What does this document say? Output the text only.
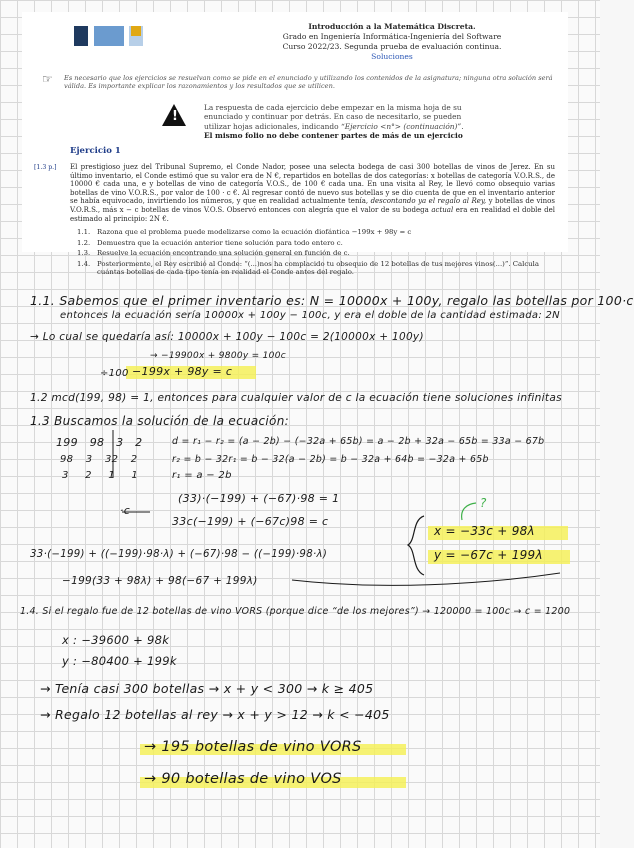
Introducción a la Matemática Discreta.
Grado en Ingeniería Informática-Ingeniería del Software
Curso 2022/23. Segunda prueba de evaluación continua.
Soluciones
☞ Es necesario que los ejercicios se resuelvan como se pide en el enunciado y utilizando los contenidos de la asignatura; ninguna otra solución será válida. Es importante explicar los razonamientos y los resultados que se utilicen.
!
La respuesta de cada ejercicio debe empezar en la misma hoja de su
enunciado y continuar por detrás. En caso de necesitarlo, se pueden
utilizar hojas adicionales, indicando “Ejercicio <n°> (continuación)”.
El mismo folio no debe contener partes de más de un ejercicio
Ejercicio 1
[1.3 p.] El prestigioso juez del Tribunal Supremo, el Conde Nador, posee una selecta bodega de casi 300 botellas de vinos de Jerez. En su último inventario, el Conde estimó que su valor era de N €, repartidos en botellas de dos categorías: x botellas de categoría V.O.R.S., de 10000 € cada una, e y botellas de vino de categoría V.O.S., de 100 € cada una. En una visita al Rey, le llevó como obsequio varias botellas de vino V.O.R.S., por valor de 100 · c €. Al regresar contó de nuevo sus botellas y se dio cuenta de que en el inventario anterior se había equivocado, invirtiendo los números, y que en realidad actualmente tenía, descontando ya el regalo al Rey, y botellas de vinos V.O.R.S., más x − c botellas de vinos V.O.S. Observó entonces con alegría que el valor de su bodega actual era en realidad el doble del estimado al principio: 2N €.
1.1. Razona que el problema puede modelizarse como la ecuación diofántica −199x + 98y = c
1.2. Demuestra que la ecuación anterior tiene solución para todo entero c.
1.3. Resuelve la ecuación encontrando una solución general en función de c.
1.4. Posteriormente, el Rey escribió al Conde: “(...)nos ha complacido tu obsequio de 12 botellas de tus mejores vinos(...)”. Calcula cuántas botellas de cada tipo tenía en realidad el Conde antes del regalo.
1.1. Sabemos que el primer inventario es: N = 10000x + 100y, regalo las botellas por 100·c
entonces la ecuación sería 10000x + 100y − 100c, y era el doble de la cantidad estimada: 2N
→ Lo cual se quedaría así: 10000x + 100y − 100c = 2(10000x + 100y)
→ −19900x + 9800y = 100c
÷100 −199x + 98y = c
1.2 mcd(199, 98) = 1, entonces para cualquier valor de c la ecuación tiene soluciones infinitas
1.3 Buscamos la solución de la ecuación:
199 98 3 2
98 3 32 2
3 2 1 1
d = r₁ − r₂ = (a − 2b) − (−32a + 65b) = a − 2b + 32a − 65b = 33a − 67b
r₂ = b − 32r₁ = b − 32(a − 2b) = b − 32a + 64b = −32a + 65b
r₁ = a − 2b
(33)·(−199) + (−67)·98 = 1
·c
33c(−199) + (−67c)98 = c
x = −33c + 98λ
y = −67c + 199λ
?
33·(−199) + ((−199)·98·λ) + (−67)·98 − ((−199)·98·λ)
−199(33 + 98λ) + 98(−67 + 199λ)
1.4. Si el regalo fue de 12 botellas de vino VORS (porque dice “de los mejores”) → 120000 = 100c → c = 1200
x : −39600 + 98k
y : −80400 + 199k
→ Tenía casi 300 botellas → x + y < 300 → k ≥ 405
→ Regalo 12 botellas al rey → x + y > 12 → k < −405
→ 195 botellas de vino VORS
→ 90 botellas de vino VOS
